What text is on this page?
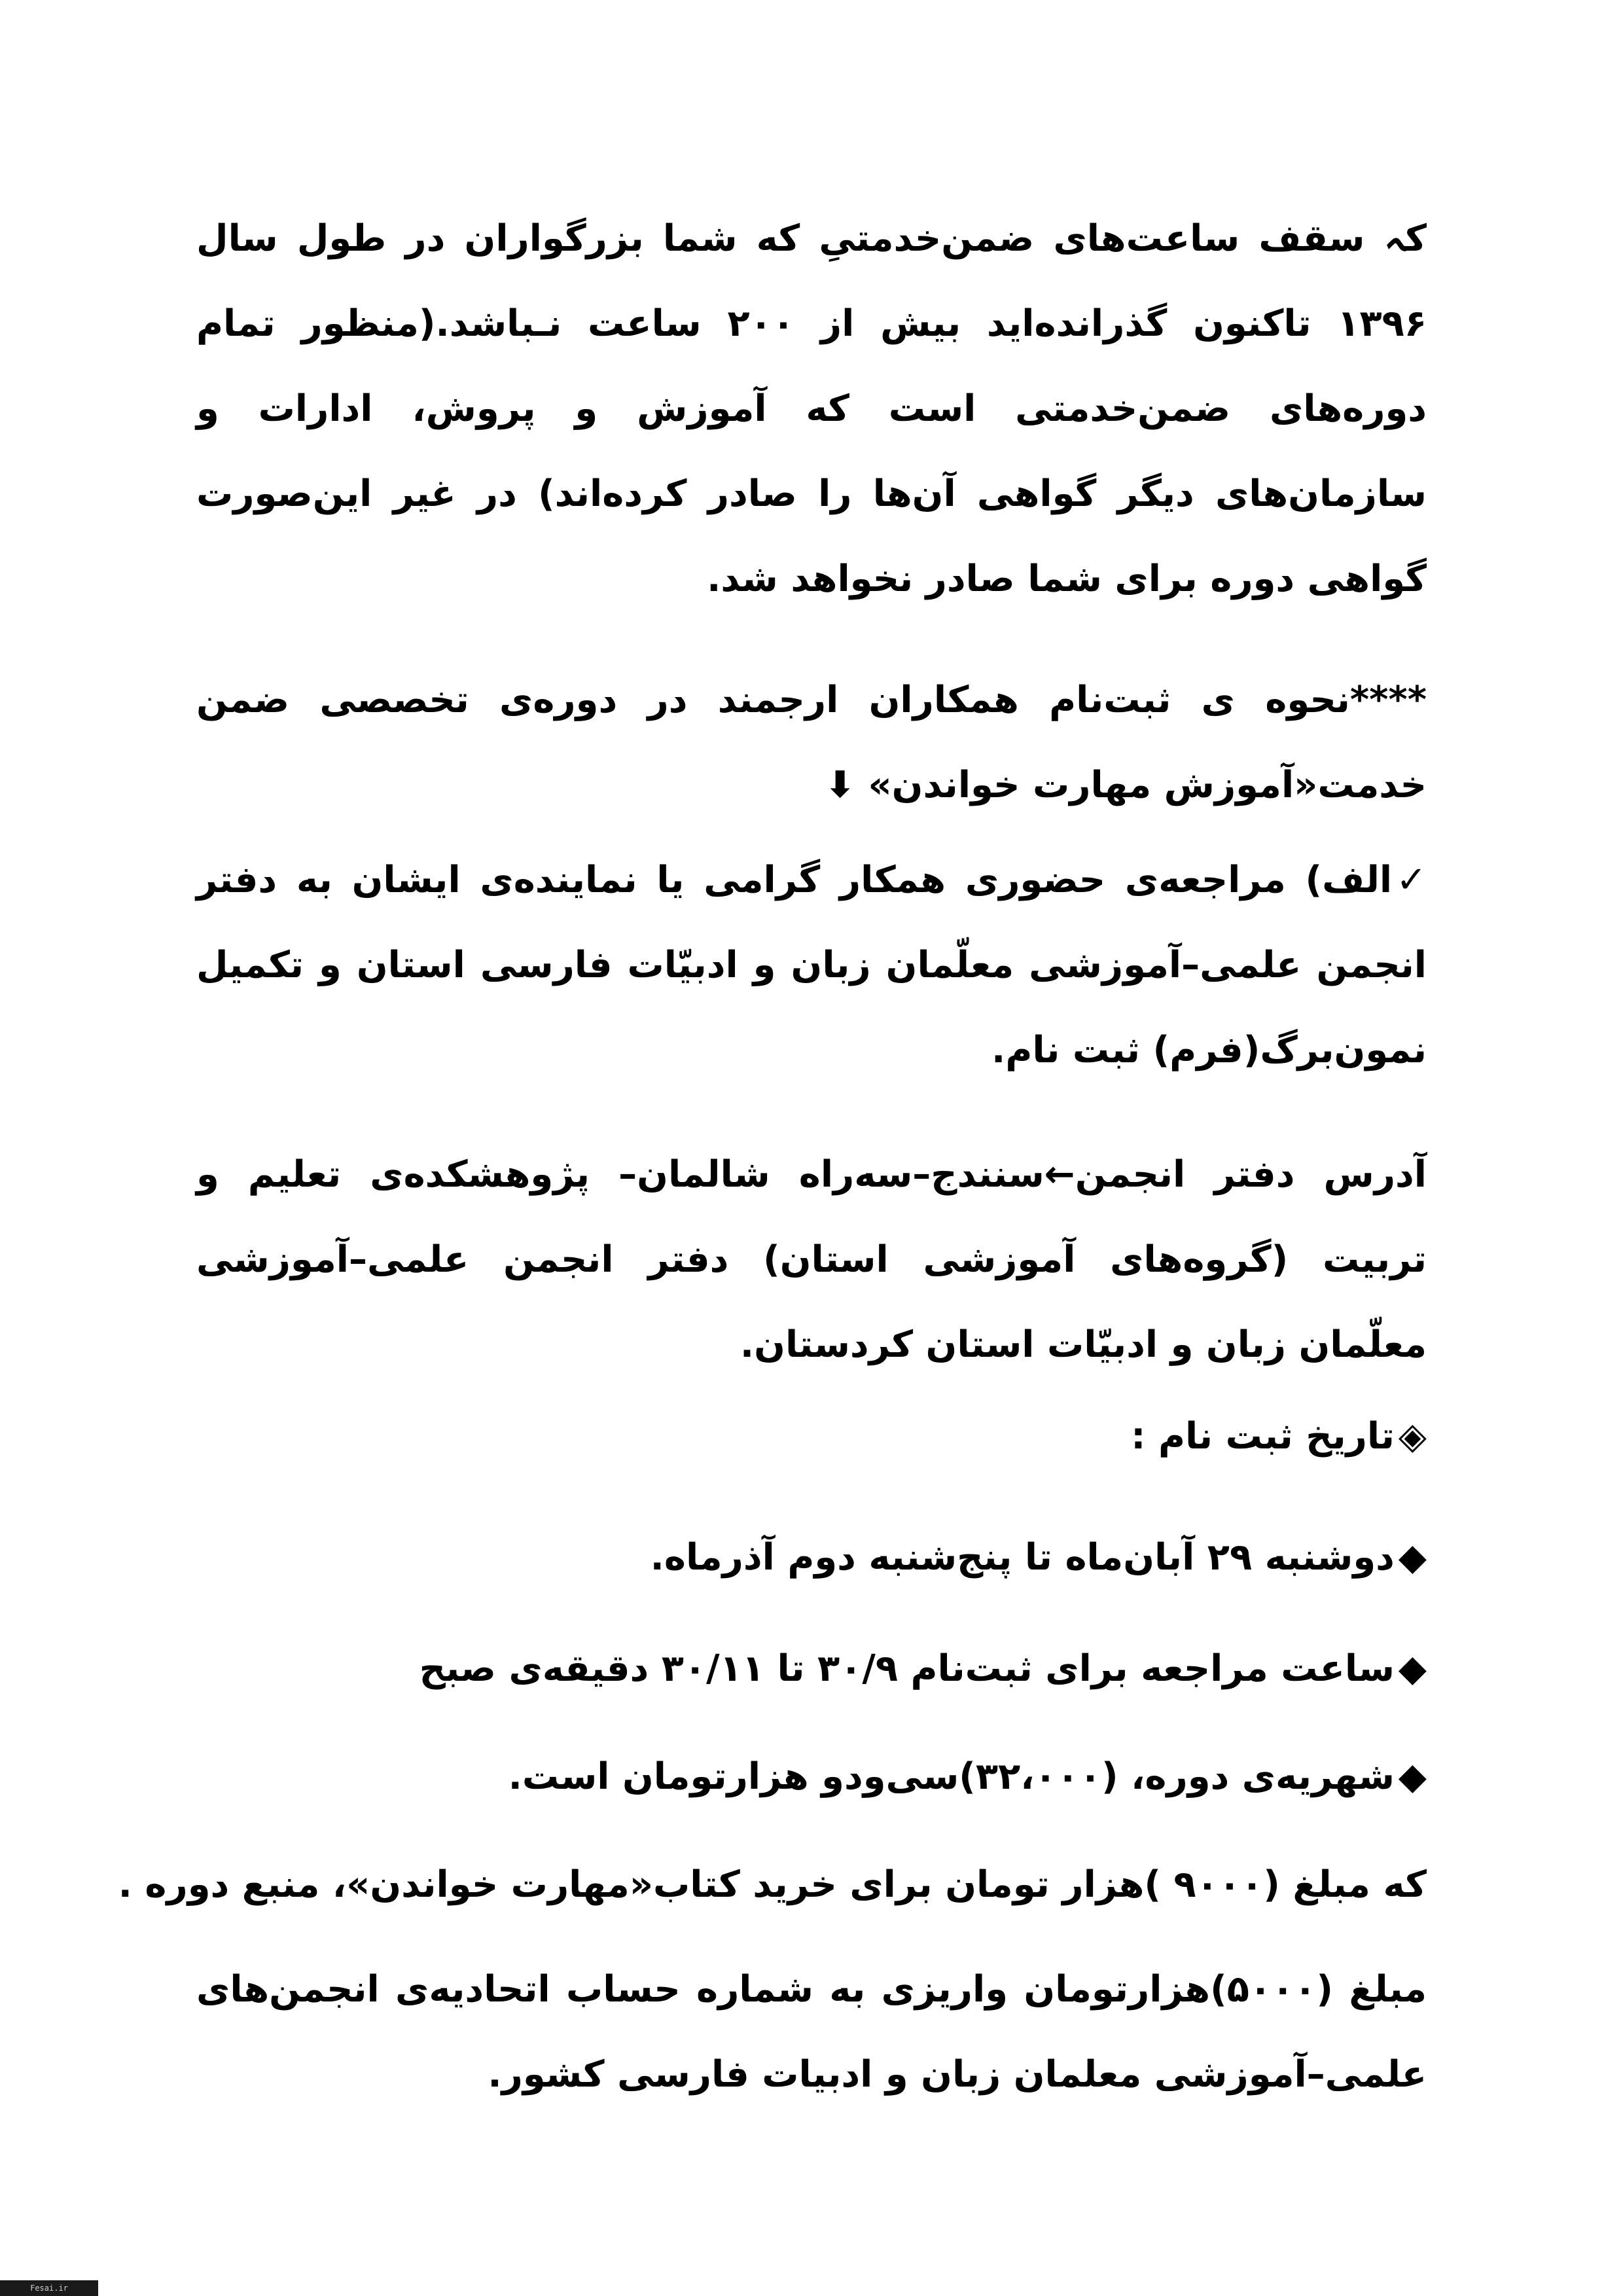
کہ سقف ساعت‌های ضمن‌خدمتیِ که شما بزرگواران در طول سال ۱۳۹۶ تاکنون گذرانده‌اید بیش از ۲۰۰ ساعت نـباشد.(منظور تمام دوره‌های ضمن‌خدمتی است که آموزش و پروش، ادارات و سازمان‌های دیگر گواهی آن‌ها را صادر کرده‌اند) در غیر این‌صورت گواهی دوره برای شما صادر نخواهد شد.

****نحوه ی ثبت‌نام همکاران ارجمند در دوره‌ی تخصصی ضمن خدمت«آموزش مهارت خواندن» ⬇

✓الف) مراجعه‌ی حضوری همکار گرامی یا نماینده‌ی ایشان به دفتر انجمن علمی–آموزشی معلّمان زبان و ادبیّات فارسی استان و تکمیل نمون‌برگ(فرم) ثبت نام.

آدرس دفتر انجمن←سنندج–سه‌راه شالمان– پژوهشکده‌ی تعلیم و تربیت (گروه‌های آموزشی استان) دفتر انجمن علمی–آموزشی معلّمان زبان و ادبیّات استان کردستان.

◈تاریخ ثبت نام :

◆دوشنبه ۲۹ آبان‌ماه تا پنج‌شنبه دوم آذرماه.

◆ساعت مراجعه برای ثبت‌نام ۳۰/۹ تا ۳۰/۱۱ دقیقه‌ی صبح

◆شهریه‌ی دوره، (۳۲،۰۰۰)سی‌ودو هزارتومان است.

که مبلغ (۹۰۰۰ )هزار تومان برای خرید کتاب«مهارت خواندن»، منبع دوره .

مبلغ (۵۰۰۰)هزارتومان واریزی به شماره حساب اتحادیه‌ی انجمن‌های علمی–آموزشی معلمان زبان و ادبیات فارسی کشور.

Fesai.ir
